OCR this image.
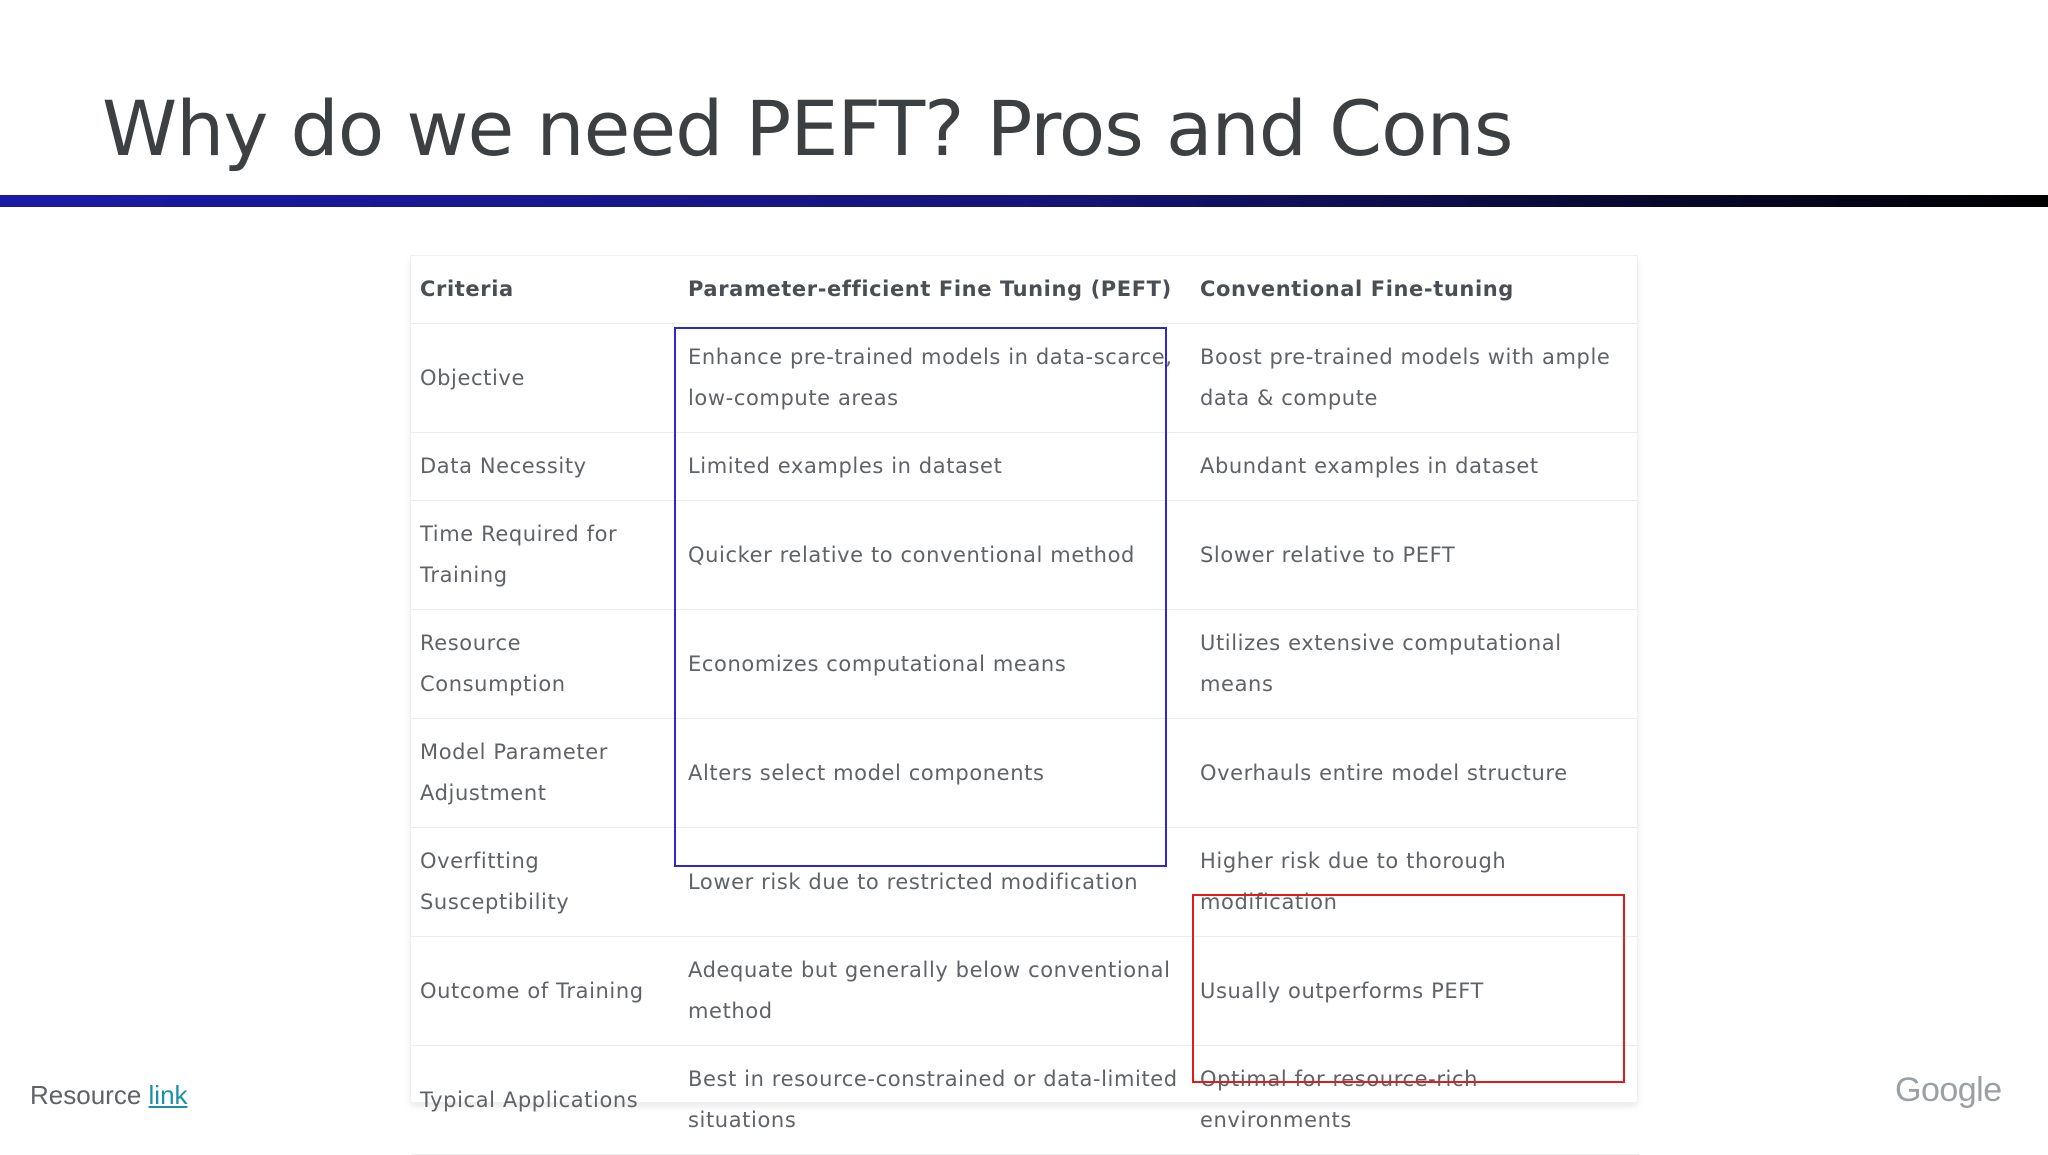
Why do we need PEFT? Pros and Cons
Criteria	Parameter-efficient Fine Tuning (PEFT)	Conventional Fine-tuning
Objective	Enhance pre-trained models in data-scarce, low-compute areas	Boost pre-trained models with ample data & compute
Data Necessity	Limited examples in dataset	Abundant examples in dataset
Time Required for Training	Quicker relative to conventional method	Slower relative to PEFT
Resource Consumption	Economizes computational means	Utilizes extensive computational means
Model Parameter Adjustment	Alters select model components	Overhauls entire model structure
Overfitting Susceptibility	Lower risk due to restricted modification	Higher risk due to thorough modification
Outcome of Training	Adequate but generally below conventional method	Usually outperforms PEFT
Typical Applications	Best in resource-constrained or data-limited situations	Optimal for resource-rich environments
Resource link	Google
